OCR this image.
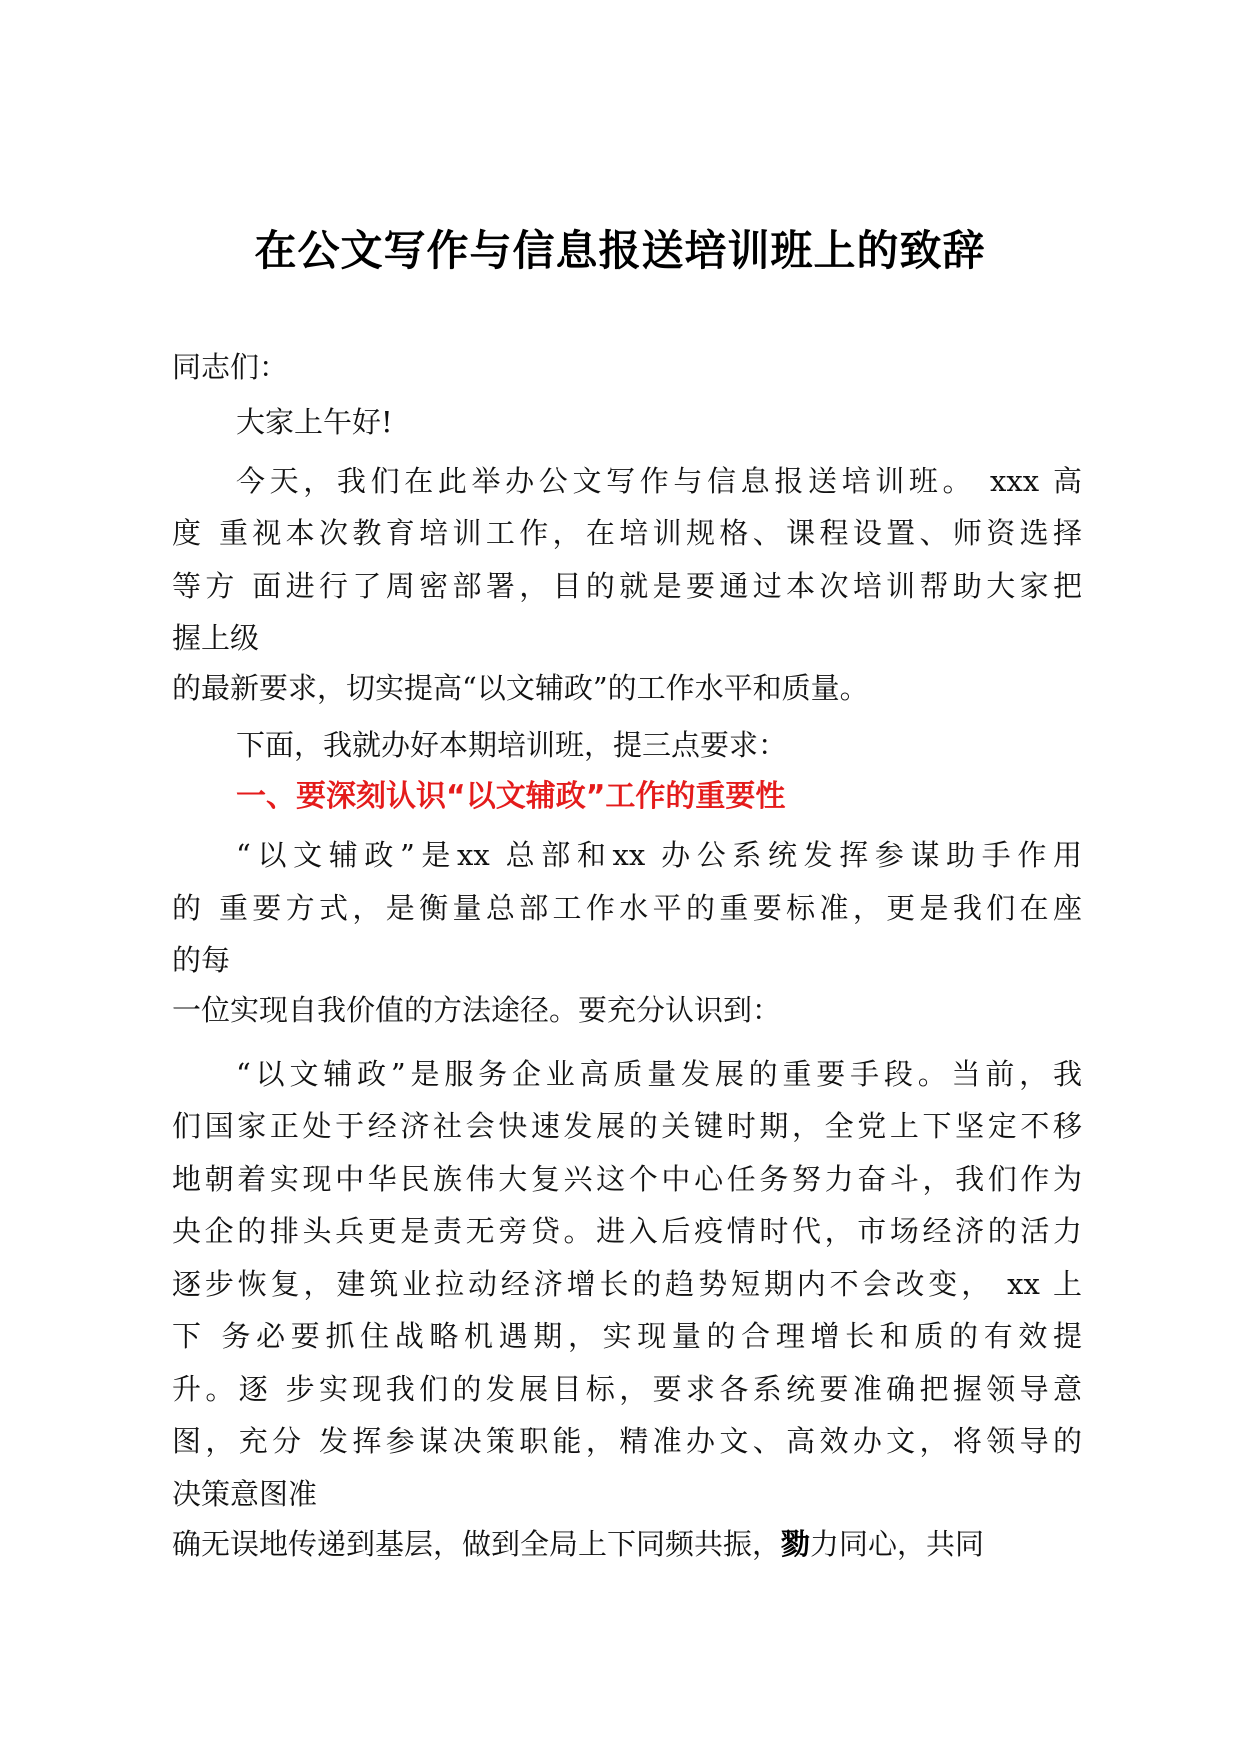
在公文写作与信息报送培训班上的致辞
同志们：
大家上午好!
今天，我们在此举办公文写作与信息报送培训班。 xxx 高
度 重视本次教育培训工作，在培训规格、课程设置、师资选择
等方 面进行了周密部署，目的就是要通过本次培训帮助大家把
握上级
的最新要求，切实提高“以文辅政”的工作水平和质量。
下面，我就办好本期培训班，提三点要求：
一、要深刻认识“以文辅政”工作的重要性
“以文辅政”是xx 总部和xx 办公系统发挥参谋助手作用
的 重要方式，是衡量总部工作水平的重要标准，更是我们在座
的每
一位实现自我价值的方法途径。要充分认识到：
“以文辅政”是服务企业高质量发展的重要手段。当前，我
们国家正处于经济社会快速发展的关键时期，全党上下坚定不移
地朝着实现中华民族伟大复兴这个中心任务努力奋斗，我们作为
央企的排头兵更是责无旁贷。进入后疫情时代，市场经济的活力
逐步恢复，建筑业拉动经济增长的趋势短期内不会改变， xx 上
下 务必要抓住战略机遇期，实现量的合理增长和质的有效提
升。逐 步实现我们的发展目标，要求各系统要准确把握领导意
图，充分 发挥参谋决策职能，精准办文、高效办文，将领导的
决策意图准
确无误地传递到基层，做到全局上下同频共振，勠力同心，共同
